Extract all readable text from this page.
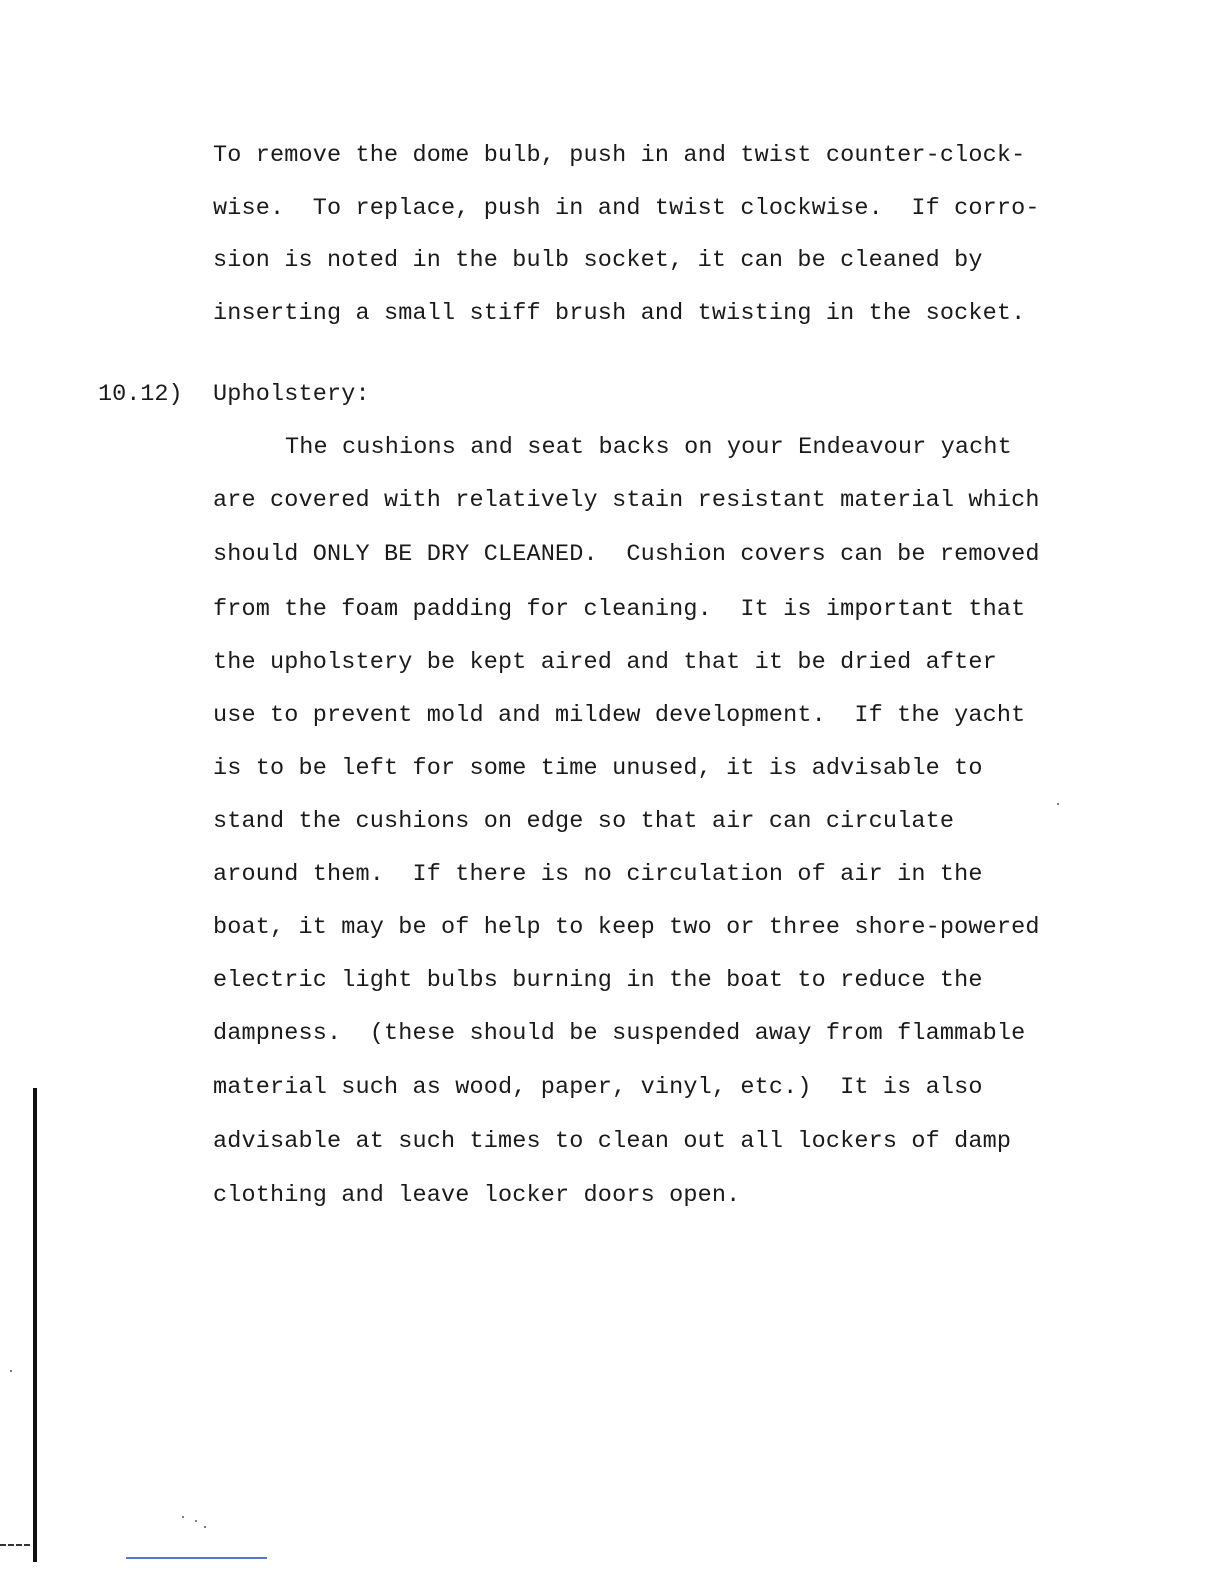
To remove the dome bulb, push in and twist counter-clock-
wise.  To replace, push in and twist clockwise.  If corro-
sion is noted in the bulb socket, it can be cleaned by
inserting a small stiff brush and twisting in the socket.
10.12) Upholstery:
The cushions and seat backs on your Endeavour yacht
are covered with relatively stain resistant material which
should ONLY BE DRY CLEANED.  Cushion covers can be removed
from the foam padding for cleaning.  It is important that
the upholstery be kept aired and that it be dried after
use to prevent mold and mildew development.  If the yacht
is to be left for some time unused, it is advisable to
stand the cushions on edge so that air can circulate
around them.  If there is no circulation of air in the
boat, it may be of help to keep two or three shore-powered
electric light bulbs burning in the boat to reduce the
dampness.  (these should be suspended away from flammable
material such as wood, paper, vinyl, etc.)  It is also
advisable at such times to clean out all lockers of damp
clothing and leave locker doors open.
